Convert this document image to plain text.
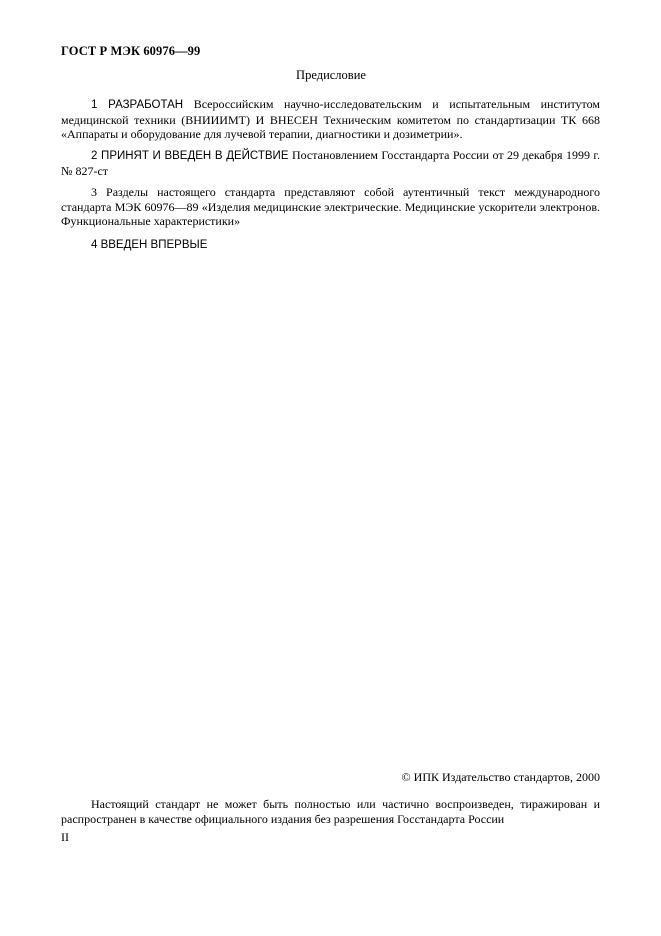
ГОСТ Р МЭК 60976—99
Предисловие
1 РАЗРАБОТАН Всероссийским научно-исследовательским и испытательным институтом медицинской техники (ВНИИИМТ) И ВНЕСЕН Техническим комитетом по стандартизации ТК 668 «Аппараты и оборудование для лучевой терапии, диагностики и дозиметрии».
2 ПРИНЯТ И ВВЕДЕН В ДЕЙСТВИЕ Постановлением Госстандарта России от 29 декабря 1999 г. № 827-ст
3 Разделы настоящего стандарта представляют собой аутентичный текст международного стандарта МЭК 60976—89 «Изделия медицинские электрические. Медицинские ускорители электронов. Функциональные характеристики»
4 ВВЕДЕН ВПЕРВЫЕ
© ИПК Издательство стандартов, 2000
Настоящий стандарт не может быть полностью или частично воспроизведен, тиражирован и распространен в качестве официального издания без разрешения Госстандарта России
II
